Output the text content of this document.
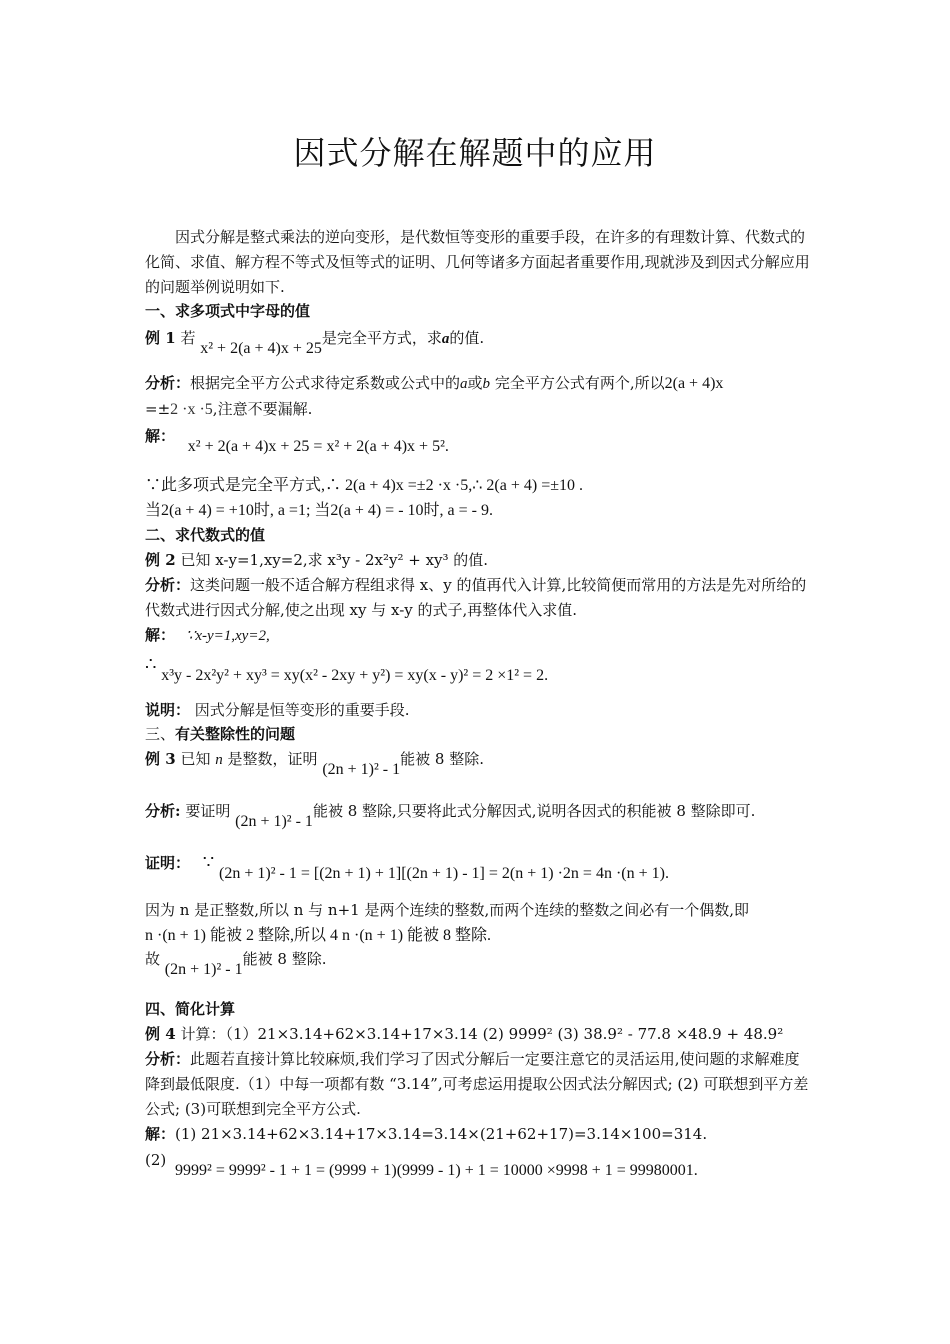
因式分解在解题中的应用

因式分解是整式乘法的逆向变形，是代数恒等变形的重要手段，在许多的有理数计算、代数式的化简、求值、解方程不等式及恒等式的证明、几何等诸多方面起者重要作用,现就涉及到因式分解应用的问题举例说明如下.

一、求多项式中字母的值

例 1 若 x² + 2(a + 4)x + 25是完全平方式，求a的值.

分析：根据完全平方公式求待定系数或公式中的a或b 完全平方公式有两个,所以2(a + 4)x
=±2 ·x ·5,注意不要漏解.

解： x² + 2(a + 4)x + 25 = x² + 2(a + 4)x + 5².

∵此多项式是完全平方式,∴ 2(a + 4)x =±2 ·x ·5,∴ 2(a + 4) =±10 .

当2(a + 4) = +10时, a =1; 当2(a + 4) = - 10时, a = - 9.

二、求代数式的值

例 2 已知 x-y=1,xy=2,求 x³y - 2x²y² + xy³ 的值.

分析：这类问题一般不适合解方程组求得 x、y 的值再代入计算,比较简便而常用的方法是先对所给的代数式进行因式分解,使之出现 xy 与 x-y 的式子,再整体代入求值.

解： ∵x-y=1,xy=2,

∴ x³y - 2x²y² + xy³ = xy(x² - 2xy + y²) = xy(x - y)² = 2 ×1² = 2.

说明： 因式分解是恒等变形的重要手段.

三、有关整除性的问题

例 3 已知 n 是整数，证明 (2n + 1)² - 1能被 8 整除.

分析: 要证明 (2n + 1)² - 1能被 8 整除,只要将此式分解因式,说明各因式的积能被 8 整除即可.

证明： ∵ (2n + 1)² - 1 = [(2n + 1) + 1][(2n + 1) - 1] = 2(n + 1) ·2n = 4n ·(n + 1).

因为 n 是正整数,所以 n 与 n+1 是两个连续的整数,而两个连续的整数之间必有一个偶数,即
n ·(n + 1) 能被 2 整除,所以 4 n ·(n + 1) 能被 8 整除.

故 (2n + 1)² - 1能被 8 整除.

四、简化计算

例 4 计算：（1）21×3.14+62×3.14+17×3.14 (2) 9999² (3) 38.9² - 77.8 ×48.9 + 48.9²

分析：此题若直接计算比较麻烦,我们学习了因式分解后一定要注意它的灵活运用,使问题的求解难度降到最低限度.（1）中每一项都有数 “3.14”,可考虑运用提取公因式法分解因式; (2) 可联想到平方差公式; (3)可联想到完全平方公式.

解：(1) 21×3.14+62×3.14+17×3.14=3.14×(21+62+17)=3.14×100=314.

(2) 9999² = 9999² - 1 + 1 = (9999 + 1)(9999 - 1) + 1 = 10000 ×9998 + 1 = 99980001.
